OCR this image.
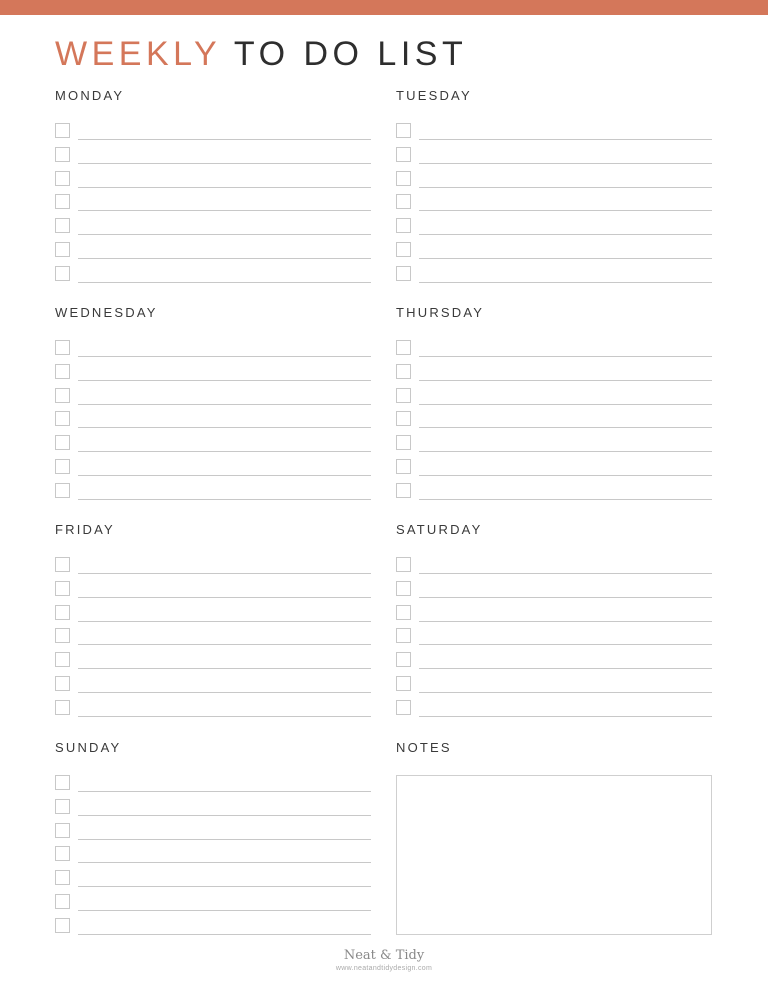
WEEKLY TO DO LIST
MONDAY	TUESDAY
WEDNESDAY	THURSDAY
FRIDAY	SATURDAY
SUNDAY	NOTES
Neat & Tidy
www.neatandtidydesign.com
